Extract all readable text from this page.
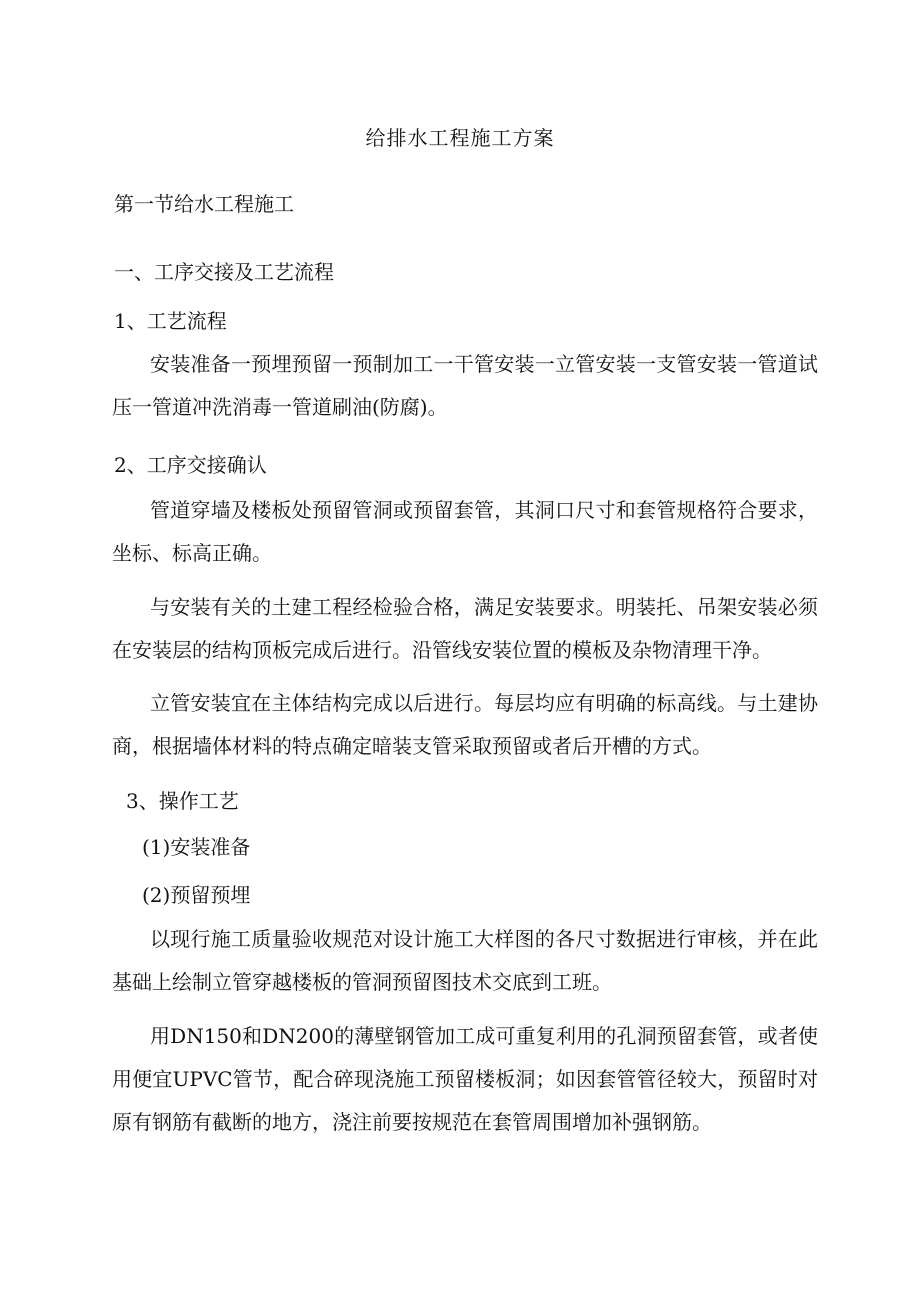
给排水工程施工方案
第一节给水工程施工
一、工序交接及工艺流程
1、工艺流程
安装准备一预埋预留一预制加工一干管安装一立管安装一支管安装一管道试压一管道冲洗消毒一管道刷油(防腐)。
2、工序交接确认
管道穿墙及楼板处预留管洞或预留套管，其洞口尺寸和套管规格符合要求，坐标、标高正确。
与安装有关的土建工程经检验合格，满足安装要求。明装托、吊架安装必须在安装层的结构顶板完成后进行。沿管线安装位置的模板及杂物清理干净。
立管安装宜在主体结构完成以后进行。每层均应有明确的标高线。与土建协商，根据墙体材料的特点确定暗装支管采取预留或者后开槽的方式。
3、操作工艺
(1)安装准备
(2)预留预埋
以现行施工质量验收规范对设计施工大样图的各尺寸数据进行审核，并在此基础上绘制立管穿越楼板的管洞预留图技术交底到工班。
用DN150和DN200的薄壁钢管加工成可重复利用的孔洞预留套管，或者使用便宜UPVC管节，配合碎现浇施工预留楼板洞；如因套管管径较大，预留时对原有钢筋有截断的地方，浇注前要按规范在套管周围增加补强钢筋。
